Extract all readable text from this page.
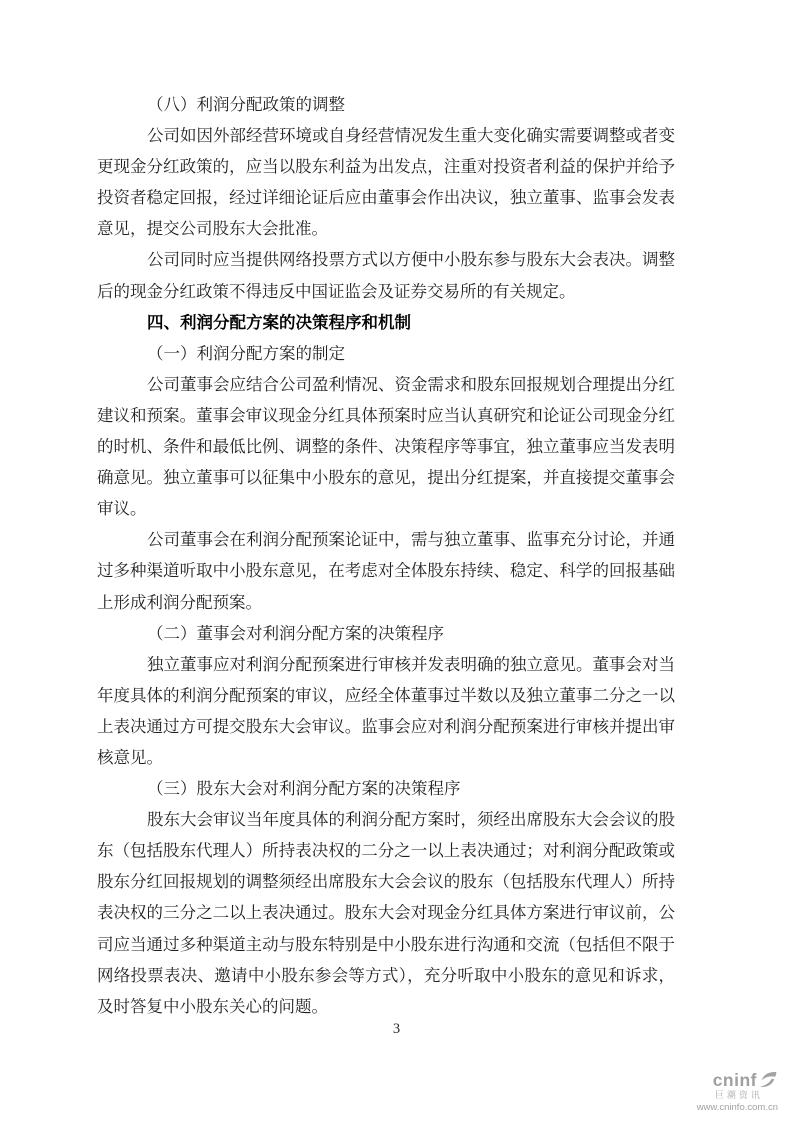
（八）利润分配政策的调整

公司如因外部经营环境或自身经营情况发生重大变化确实需要调整或者变更现金分红政策的，应当以股东利益为出发点，注重对投资者利益的保护并给予投资者稳定回报，经过详细论证后应由董事会作出决议，独立董事、监事会发表意见，提交公司股东大会批准。

公司同时应当提供网络投票方式以方便中小股东参与股东大会表决。调整后的现金分红政策不得违反中国证监会及证券交易所的有关规定。

四、利润分配方案的决策程序和机制

（一）利润分配方案的制定

公司董事会应结合公司盈利情况、资金需求和股东回报规划合理提出分红建议和预案。董事会审议现金分红具体预案时应当认真研究和论证公司现金分红的时机、条件和最低比例、调整的条件、决策程序等事宜，独立董事应当发表明确意见。独立董事可以征集中小股东的意见，提出分红提案，并直接提交董事会审议。

公司董事会在利润分配预案论证中，需与独立董事、监事充分讨论，并通过多种渠道听取中小股东意见，在考虑对全体股东持续、稳定、科学的回报基础上形成利润分配预案。

（二）董事会对利润分配方案的决策程序

独立董事应对利润分配预案进行审核并发表明确的独立意见。董事会对当年度具体的利润分配预案的审议，应经全体董事过半数以及独立董事二分之一以上表决通过方可提交股东大会审议。监事会应对利润分配预案进行审核并提出审核意见。

（三）股东大会对利润分配方案的决策程序

股东大会审议当年度具体的利润分配方案时，须经出席股东大会会议的股东（包括股东代理人）所持表决权的二分之一以上表决通过；对利润分配政策或股东分红回报规划的调整须经出席股东大会会议的股东（包括股东代理人）所持表决权的三分之二以上表决通过。股东大会对现金分红具体方案进行审议前，公司应当通过多种渠道主动与股东特别是中小股东进行沟通和交流（包括但不限于网络投票表决、邀请中小股东参会等方式），充分听取中小股东的意见和诉求，及时答复中小股东关心的问题。

3
cninf
巨潮资讯
www.cninfo.com.cn
